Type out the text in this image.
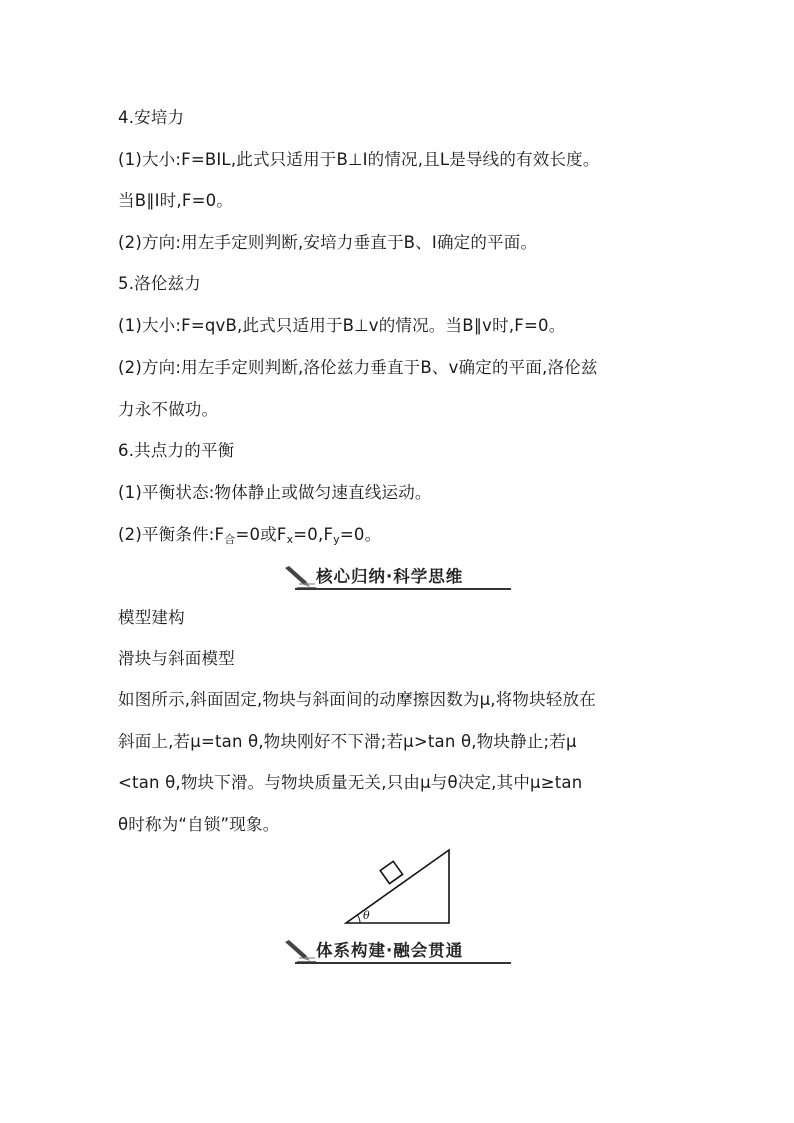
4.安培力
(1)大小:F=BIL,此式只适用于B⊥I的情况,且L是导线的有效长度。
当B∥I时,F=0。
(2)方向:用左手定则判断,安培力垂直于B、I确定的平面。
5.洛伦兹力
(1)大小:F=qvB,此式只适用于B⊥v的情况。当B∥v时,F=0。
(2)方向:用左手定则判断,洛伦兹力垂直于B、v确定的平面,洛伦兹
力永不做功。
6.共点力的平衡
(1)平衡状态:物体静止或做匀速直线运动。
(2)平衡条件$:F_合=0$或$F_x=0,F_y=0$。
核心归纳·科学思维
模型建构
滑块与斜面模型
如图所示,斜面固定,物块与斜面间的动摩擦因数为μ,将物块轻放在
斜面上,若μ=tan θ,物块刚好不下滑;若μ>tan θ,物块静止;若μ
<tan θ,物块下滑。与物块质量无关,只由μ与θ决定,其中μ≥tan
θ时称为“自锁”现象。
θ
体系构建·融会贯通
